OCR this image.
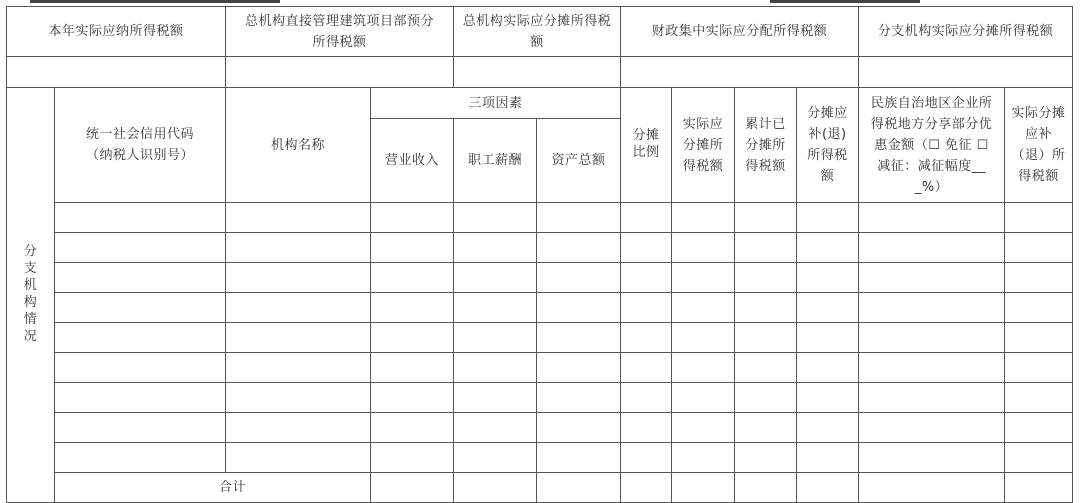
本年实际应纳所得税额		总机构直接管理建筑项目部预分所得税额		总机构实际应分摊所得税额		财政集中实际应分配所得税额				分支机构实际应分摊所得税额	

分支机构情况	统一社会信用代码（纳税人识别号）	机构名称	三项因素			分摊比例	实际应分摊所得税额	累计已分摊所得税额	分摊应补(退)所得税额	民族自治地区企业所得税地方分享部分优惠金额（☐ 免征 ☐ 减征：减征幅度___%）	实际分摊应补（退）所得税额
			营业收入	职工薪酬	资产总额						

	合计										
